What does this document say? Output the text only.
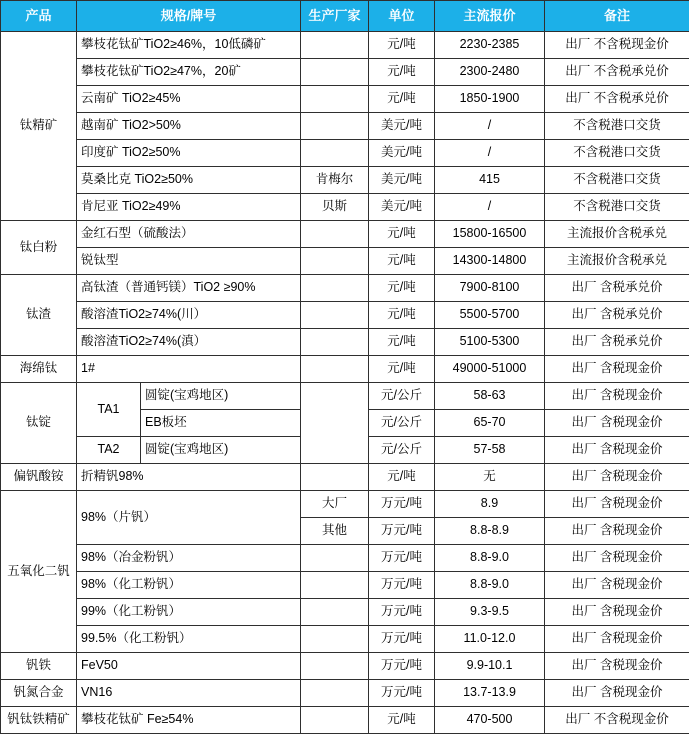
产品	规格/牌号		生产厂家	单位	主流报价	备注
钛精矿	攀枝花钛矿TiO2≥46%，10低磷矿			元/吨	2230-2385	出厂 不含税现金价
	攀枝花钛矿TiO2≥47%，20矿			元/吨	2300-2480	出厂 不含税承兑价
	云南矿 TiO2≥45%			元/吨	1850-1900	出厂 不含税承兑价
	越南矿 TiO2>50%			美元/吨	/	不含税港口交货
	印度矿 TiO2≥50%			美元/吨	/	不含税港口交货
	莫桑比克 TiO2≥50%		肯梅尔	美元/吨	415	不含税港口交货
	肯尼亚 TiO2≥49%		贝斯	美元/吨	/	不含税港口交货
钛白粉	金红石型（硫酸法）			元/吨	15800-16500	主流报价含税承兑
	锐钛型			元/吨	14300-14800	主流报价含税承兑
钛渣	高钛渣（普通钙镁）TiO2 ≥90%			元/吨	7900-8100	出厂 含税承兑价
	酸溶渣TiO2≥74%(川）			元/吨	5500-5700	出厂 含税承兑价
	酸溶渣TiO2≥74%(滇）			元/吨	5100-5300	出厂 含税承兑价
海绵钛	1#			元/吨	49000-51000	出厂 含税现金价
钛锭	TA1	圆锭(宝鸡地区)		元/公斤	58-63	出厂 含税现金价
		EB板坯		元/公斤	65-70	出厂 含税现金价
	TA2	圆锭(宝鸡地区)		元/公斤	57-58	出厂 含税现金价
偏钒酸铵	折精钒98%			元/吨	无	出厂 含税现金价
五氧化二钒	98%（片钒）		大厂	万元/吨	8.9	出厂 含税现金价
			其他	万元/吨	8.8-8.9	出厂 含税现金价
	98%（冶金粉钒）			万元/吨	8.8-9.0	出厂 含税现金价
	98%（化工粉钒）			万元/吨	8.8-9.0	出厂 含税现金价
	99%（化工粉钒）			万元/吨	9.3-9.5	出厂 含税现金价
	99.5%（化工粉钒）			万元/吨	11.0-12.0	出厂 含税现金价
钒铁	FeV50			万元/吨	9.9-10.1	出厂 含税现金价
钒氮合金	VN16			万元/吨	13.7-13.9	出厂 含税现金价
钒钛铁精矿	攀枝花钛矿 Fe≥54%			元/吨	470-500	出厂 不含税现金价
